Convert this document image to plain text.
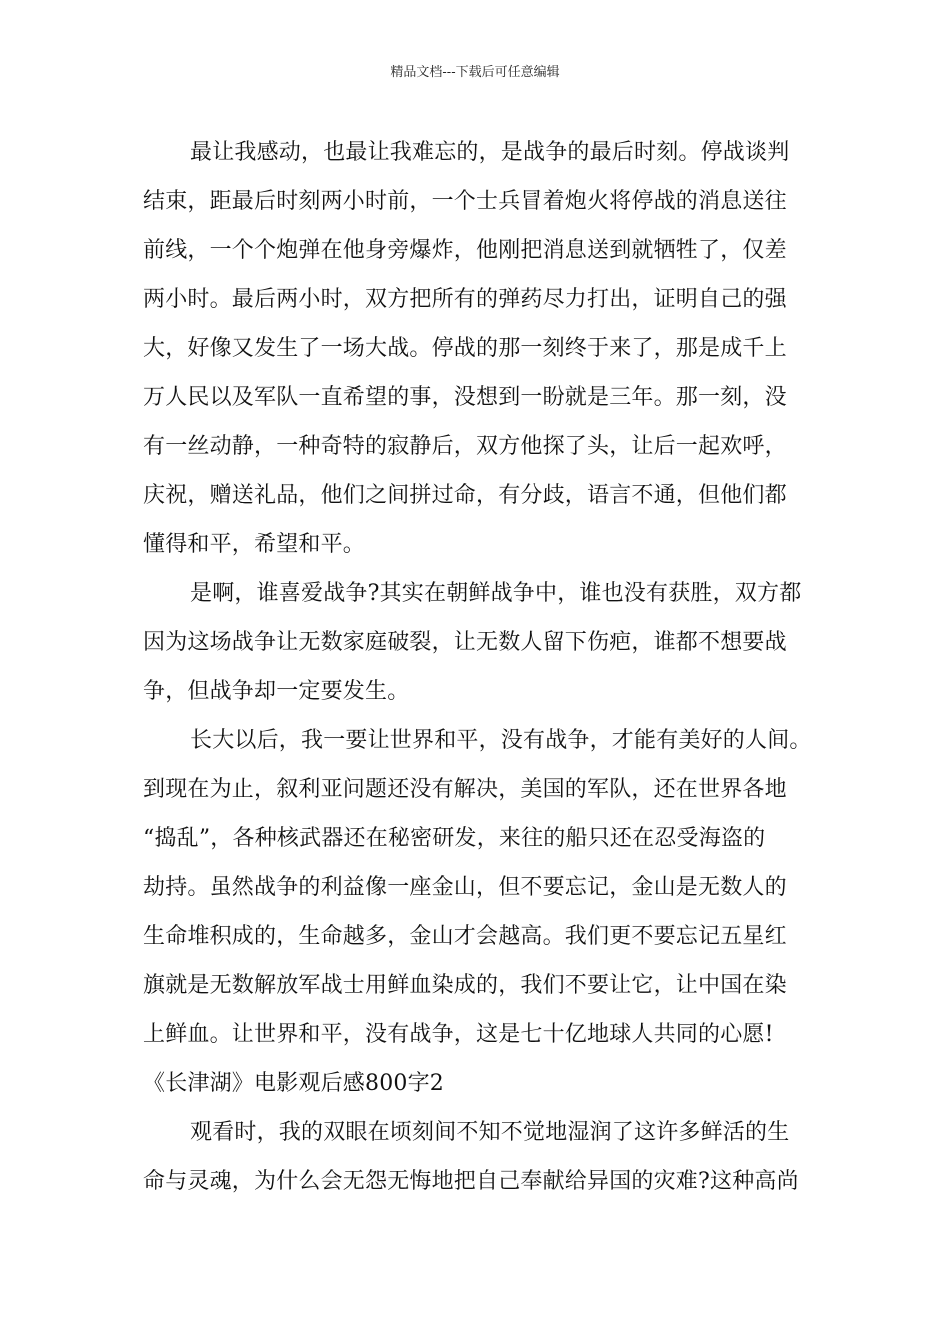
精品文档---下载后可任意编辑
最让我感动，也最让我难忘的，是战争的最后时刻。停战谈判
结束，距最后时刻两小时前，一个士兵冒着炮火将停战的消息送往
前线，一个个炮弹在他身旁爆炸，他刚把消息送到就牺牲了，仅差
两小时。最后两小时，双方把所有的弹药尽力打出，证明自己的强
大，好像又发生了一场大战。停战的那一刻终于来了，那是成千上
万人民以及军队一直希望的事，没想到一盼就是三年。那一刻，没
有一丝动静，一种奇特的寂静后，双方他探了头，让后一起欢呼，
庆祝，赠送礼品，他们之间拼过命，有分歧，语言不通，但他们都
懂得和平，希望和平。
是啊，谁喜爱战争?其实在朝鲜战争中，谁也没有获胜，双方都
因为这场战争让无数家庭破裂，让无数人留下伤疤，谁都不想要战
争，但战争却一定要发生。
长大以后，我一要让世界和平，没有战争，才能有美好的人间。
到现在为止，叙利亚问题还没有解决，美国的军队，还在世界各地
“捣乱”，各种核武器还在秘密研发，来往的船只还在忍受海盗的
劫持。虽然战争的利益像一座金山，但不要忘记，金山是无数人的
生命堆积成的，生命越多，金山才会越高。我们更不要忘记五星红
旗就是无数解放军战士用鲜血染成的，我们不要让它，让中国在染
上鲜血。让世界和平，没有战争，这是七十亿地球人共同的心愿!
《长津湖》电影观后感800字2
观看时，我的双眼在顷刻间不知不觉地湿润了这许多鲜活的生
命与灵魂，为什么会无怨无悔地把自己奉献给异国的灾难?这种高尚
